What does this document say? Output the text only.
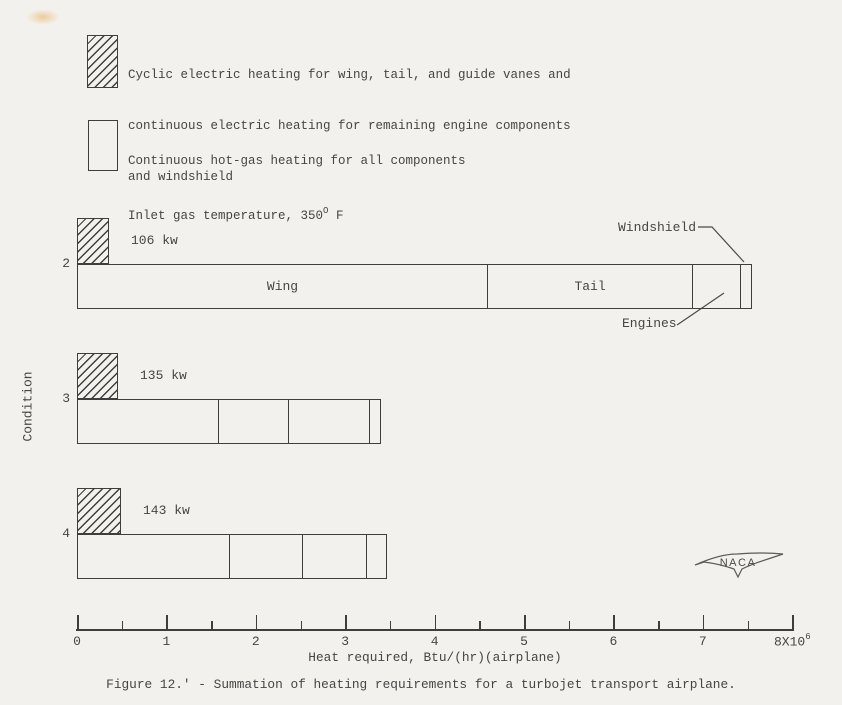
Cyclic electric heating for wing, tail, and guide vanes and

continuous electric heating for remaining engine components

and windshield

Continuous hot-gas heating for all components

Inlet gas temperature, $350^O$ F

Windshield
Engines
$8X10^6$
Heat required, Btu/(hr)(airplane)
Condition
Figure 12.' - Summation of heating requirements for a turbojet transport airplane.
NACA
2
106 kw
Wing	Tail
3
135 kw
4
143 kw
0	1	2	3	4	5	6	7
